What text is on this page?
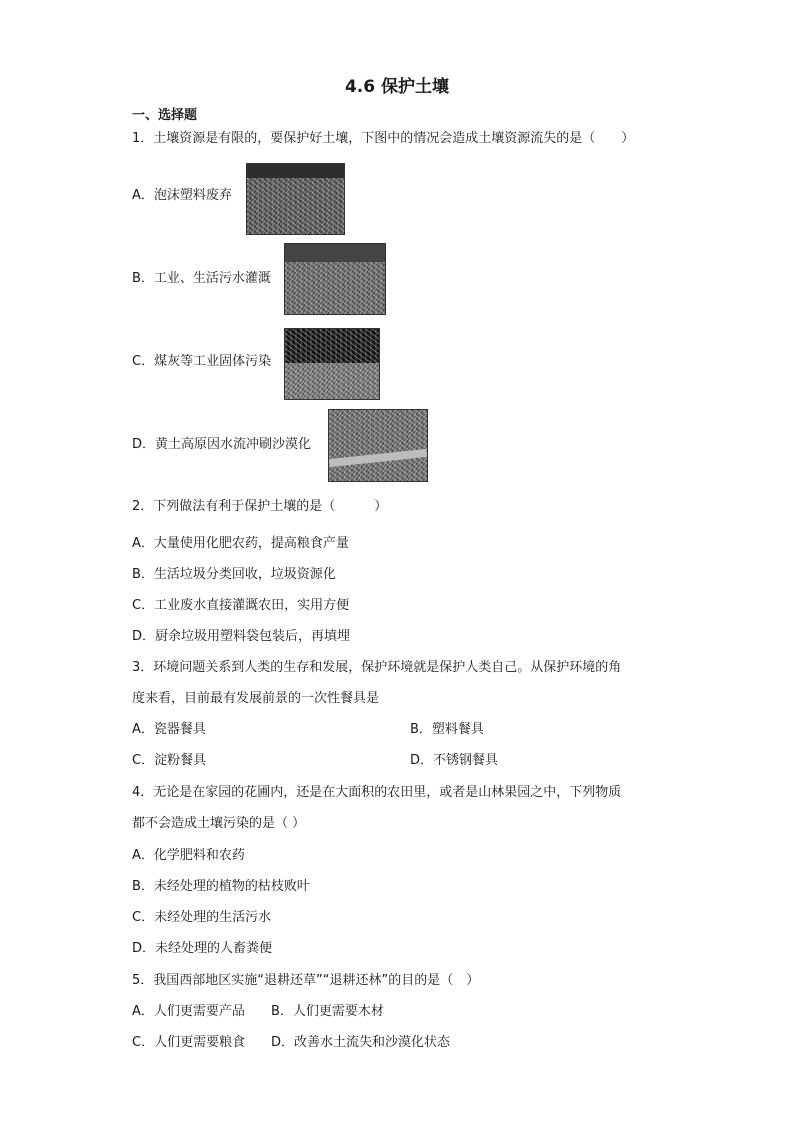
4.6 保护土壤
一、选择题
1．土壤资源是有限的，要保护好土壤，下图中的情况会造成土壤资源流失的是（　　）
A．泡沫塑料废弃
B．工业、生活污水灌溉
C．煤灰等工业固体污染
D．黄土高原因水流冲刷沙漠化
2．下列做法有利于保护土壤的是（　　　）
A．大量使用化肥农药，提高粮食产量
B．生活垃圾分类回收，垃圾资源化
C．工业废水直接灌溉农田，实用方便
D．厨余垃圾用塑料袋包装后，再填埋
3．环境问题关系到人类的生存和发展，保护环境就是保护人类自己。从保护环境的角
度来看，目前最有发展前景的一次性餐具是
A．瓷器餐具	B．塑料餐具
C．淀粉餐具	D．不锈钢餐具
4．无论是在家园的花圃内，还是在大面积的农田里，或者是山林果园之中，下列物质
都不会造成土壤污染的是（ ）
A．化学肥料和农药
B．未经处理的植物的枯枝败叶
C．未经处理的生活污水
D．未经处理的人畜粪便
5．我国西部地区实施“退耕还草”“退耕还林”的目的是（　）
A．人们更需要产品 B．人们更需要木材
C．人们更需要粮食 D．改善水土流失和沙漠化状态
